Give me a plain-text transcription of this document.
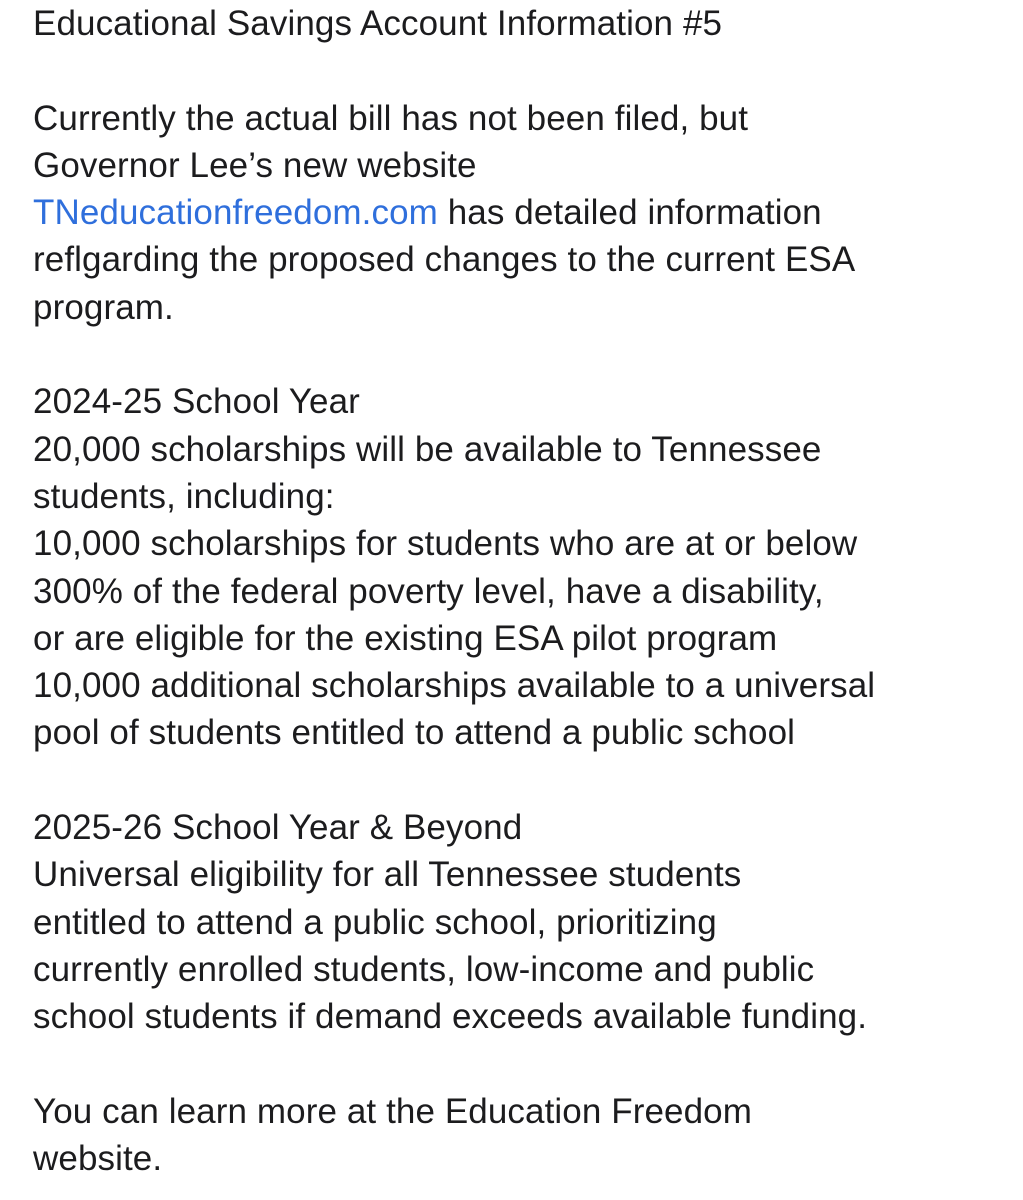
Educational Savings Account Information #5
Currently the actual bill has not been filed, but
Governor Lee’s new website
TNeducationfreedom.com has detailed information
reflgarding the proposed changes to the current ESA
program.
2024-25 School Year
20,000 scholarships will be available to Tennessee
students, including:
10,000 scholarships for students who are at or below
300% of the federal poverty level, have a disability,
or are eligible for the existing ESA pilot program
10,000 additional scholarships available to a universal
pool of students entitled to attend a public school
2025-26 School Year & Beyond
Universal eligibility for all Tennessee students
entitled to attend a public school, prioritizing
currently enrolled students, low-income and public
school students if demand exceeds available funding.
You can learn more at the Education Freedom
website.
